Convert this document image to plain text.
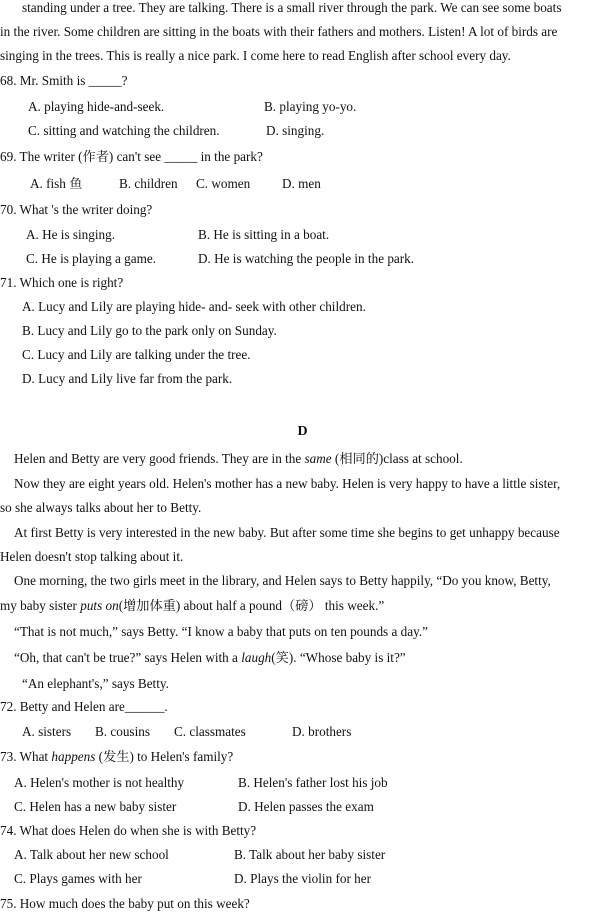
standing under a tree. They are talking. There is a small river through the park. We can see some boats
in the river. Some children are sitting in the boats with their fathers and mothers. Listen! A lot of birds are
singing in the trees. This is really a nice park. I come here to read English after school every day.
68. Mr. Smith is _____?
A. playing hide-and-seek.	B. playing yo-yo.
C. sitting and watching the children.	D. singing.
69. The writer (作者) can't see _____ in the park?
A. fish 鱼	B. children C. women D. men
70. What 's the writer doing?
A. He is singing.	B. He is sitting in a boat.
C. He is playing a game.	D. He is watching the people in the park.
71. Which one is right?
A. Lucy and Lily are playing hide- and- seek with other children.
B. Lucy and Lily go to the park only on Sunday.
C. Lucy and Lily are talking under the tree.
D. Lucy and Lily live far from the park.
D
Helen and Betty are very good friends. They are in the same (相同的)class at school.
Now they are eight years old. Helen's mother has a new baby. Helen is very happy to have a little sister,
so she always talks about her to Betty.
At first Betty is very interested in the new baby. But after some time she begins to get unhappy because
Helen doesn't stop talking about it.
One morning, the two girls meet in the library, and Helen says to Betty happily, “Do you know, Betty,
my baby sister puts on(增加体重) about half a pound（磅） this week.”
“That is not much,” says Betty. “I know a baby that puts on ten pounds a day.”
“Oh, that can't be true?” says Helen with a laugh(笑). “Whose baby is it?”
“An elephant's,” says Betty.
72. Betty and Helen are______.
A. sisters B. cousins C. classmates	D. brothers
73. What happens (发生) to Helen's family?
A. Helen's mother is not healthy	B. Helen's father lost his job
C. Helen has a new baby sister	D. Helen passes the exam
74. What does Helen do when she is with Betty?
A. Talk about her new school	B. Talk about her baby sister
C. Plays games with her	D. Plays the violin for her
75. How much does the baby put on this week?
